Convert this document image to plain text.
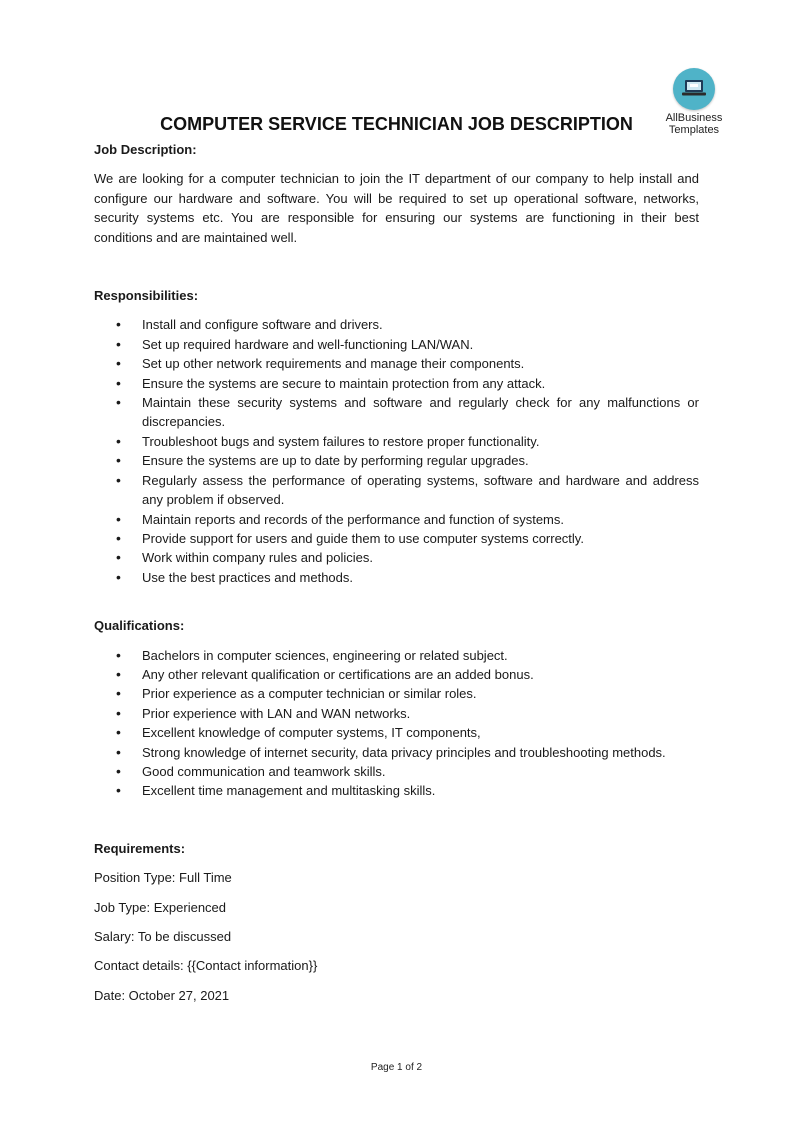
AllBusiness
Templates
COMPUTER SERVICE TECHNICIAN JOB DESCRIPTION

Job Description:

We are looking for a computer technician to join the IT department of our company to help install and configure our hardware and software. You will be required to set up operational software, networks, security systems etc. You are responsible for ensuring our systems are functioning in their best conditions and are maintained well.

Responsibilities:

• Install and configure software and drivers.
• Set up required hardware and well-functioning LAN/WAN.
• Set up other network requirements and manage their components.
• Ensure the systems are secure to maintain protection from any attack.
• Maintain these security systems and software and regularly check for any malfunctions or discrepancies.
• Troubleshoot bugs and system failures to restore proper functionality.
• Ensure the systems are up to date by performing regular upgrades.
• Regularly assess the performance of operating systems, software and hardware and address any problem if observed.
• Maintain reports and records of the performance and function of systems.
• Provide support for users and guide them to use computer systems correctly.
• Work within company rules and policies.
• Use the best practices and methods.

Qualifications:

• Bachelors in computer sciences, engineering or related subject.
• Any other relevant qualification or certifications are an added bonus.
• Prior experience as a computer technician or similar roles.
• Prior experience with LAN and WAN networks.
• Excellent knowledge of computer systems, IT components,
• Strong knowledge of internet security, data privacy principles and troubleshooting methods.
• Good communication and teamwork skills.
• Excellent time management and multitasking skills.

Requirements:

Position Type: Full Time

Job Type: Experienced

Salary: To be discussed

Contact details: {{Contact information}}

Date: October 27, 2021

Page 1 of 2
